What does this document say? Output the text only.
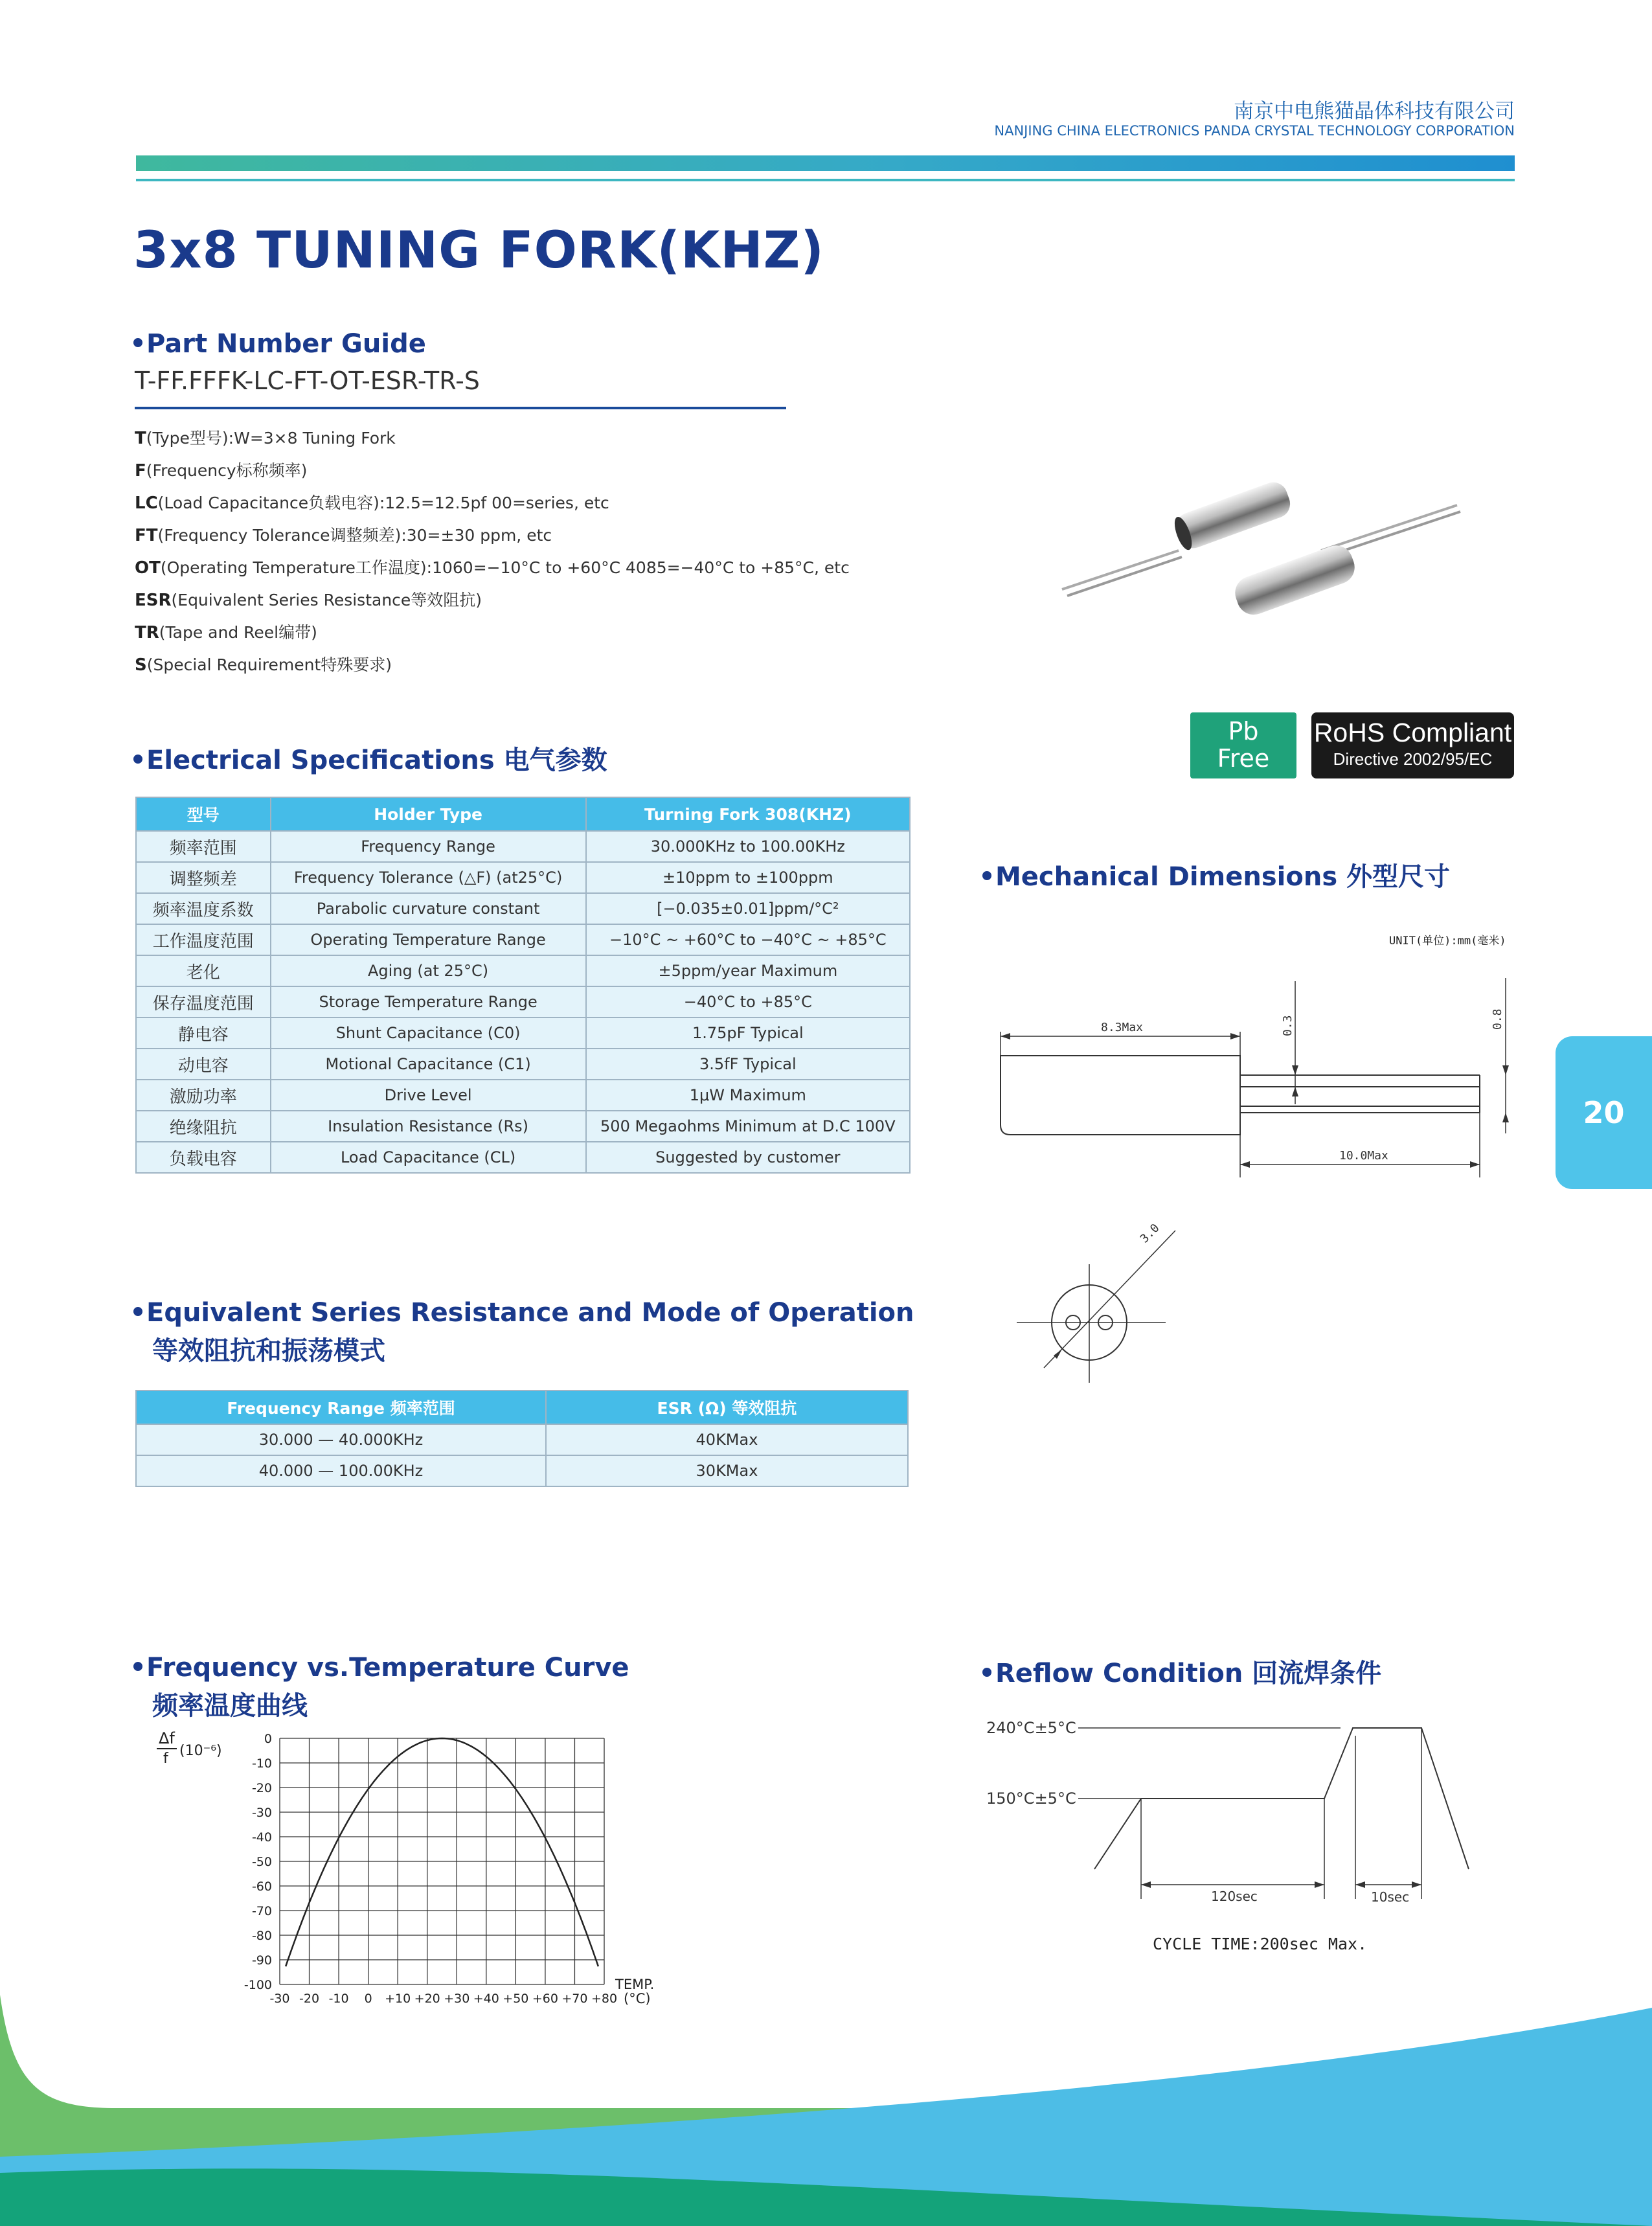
南京中电熊猫晶体科技有限公司
NANJING CHINA ELECTRONICS PANDA CRYSTAL TECHNOLOGY CORPORATION
3x8 TUNING FORK(KHZ)
Part Number Guide
T-FF.FFFK-LC-FT-OT-ESR-TR-S
T(Type型号):W=3×8 Tuning Fork
F(Frequency标称频率)
LC(Load Capacitance负载电容):12.5=12.5pf 00=series, etc
FT(Frequency Tolerance调整频差):30=±30 ppm, etc
OT(Operating Temperature工作温度):1060=−10°C to +60°C 4085=−40°C to +85°C, etc
ESR(Equivalent Series Resistance等效阻抗)
TR(Tape and Reel编带)
S(Special Requirement特殊要求)
Pb
Free
RoHS Compliant
Directive 2002/95/EC
Electrical Specifications 电气参数
型号	Holder Type	Turning Fork 308(KHZ)
频率范围	Frequency Range	30.000KHz to 100.00KHz
调整频差	Frequency Tolerance (△F) (at25°C)	±10ppm to ±100ppm
频率温度系数	Parabolic curvature constant	[−0.035±0.01]ppm/°C²
工作温度范围	Operating Temperature Range	−10°C ~ +60°C to −40°C ~ +85°C
老化	Aging (at 25°C)	±5ppm/year Maximum
保存温度范围	Storage Temperature Range	−40°C to +85°C
静电容	Shunt Capacitance (C0)	1.75pF Typical
动电容	Motional Capacitance (C1)	3.5fF Typical
激励功率	Drive Level	1μW Maximum
绝缘阻抗	Insulation Resistance (Rs)	500 Megaohms Minimum at D.C 100V
负载电容	Load Capacitance (CL)	Suggested by customer
Mechanical Dimensions 外型尺寸
UNIT(单位):mm(毫米)
8.3Max	0.3	0.8
10.0Max
3.0
20
Equivalent Series Resistance and Mode of Operation
等效阻抗和振荡模式
Frequency Range 频率范围	ESR (Ω) 等效阻抗
30.000 — 40.000KHz	40KMax
40.000 — 100.00KHz	30KMax
Frequency vs.Temperature Curve
频率温度曲线
Δf
f (10⁻⁶)
0
-10
-20
-30
-40
-50
-60
-70
-80
-90
-100
-30 -20 -10 0 +10 +20 +30 +40 +50 +60 +70 +80
TEMP.
(°C)
Reflow Condition 回流焊条件
240°C±5°C
150°C±5°C
120sec	10sec
CYCLE TIME:200sec Max.
